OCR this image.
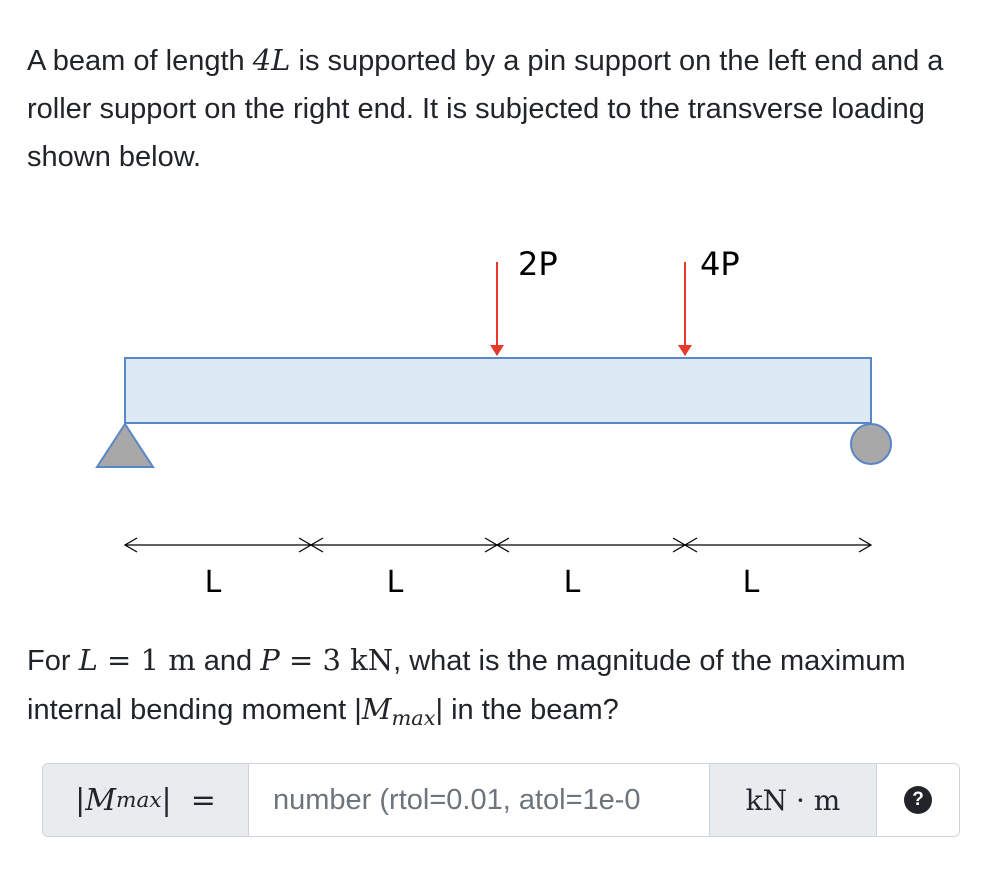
A beam of length 4L is supported by a pin support on the left end and a roller support on the right end. It is subjected to the transverse loading shown below.
2P	4P
L	L	L	L
For L = 1 m and P = 3 kN, what is the magnitude of the maximum internal bending moment $|M_{max}|$ in the beam?
| M max | =
number (rtol=0.01, atol=1e-0	kN · m	?
